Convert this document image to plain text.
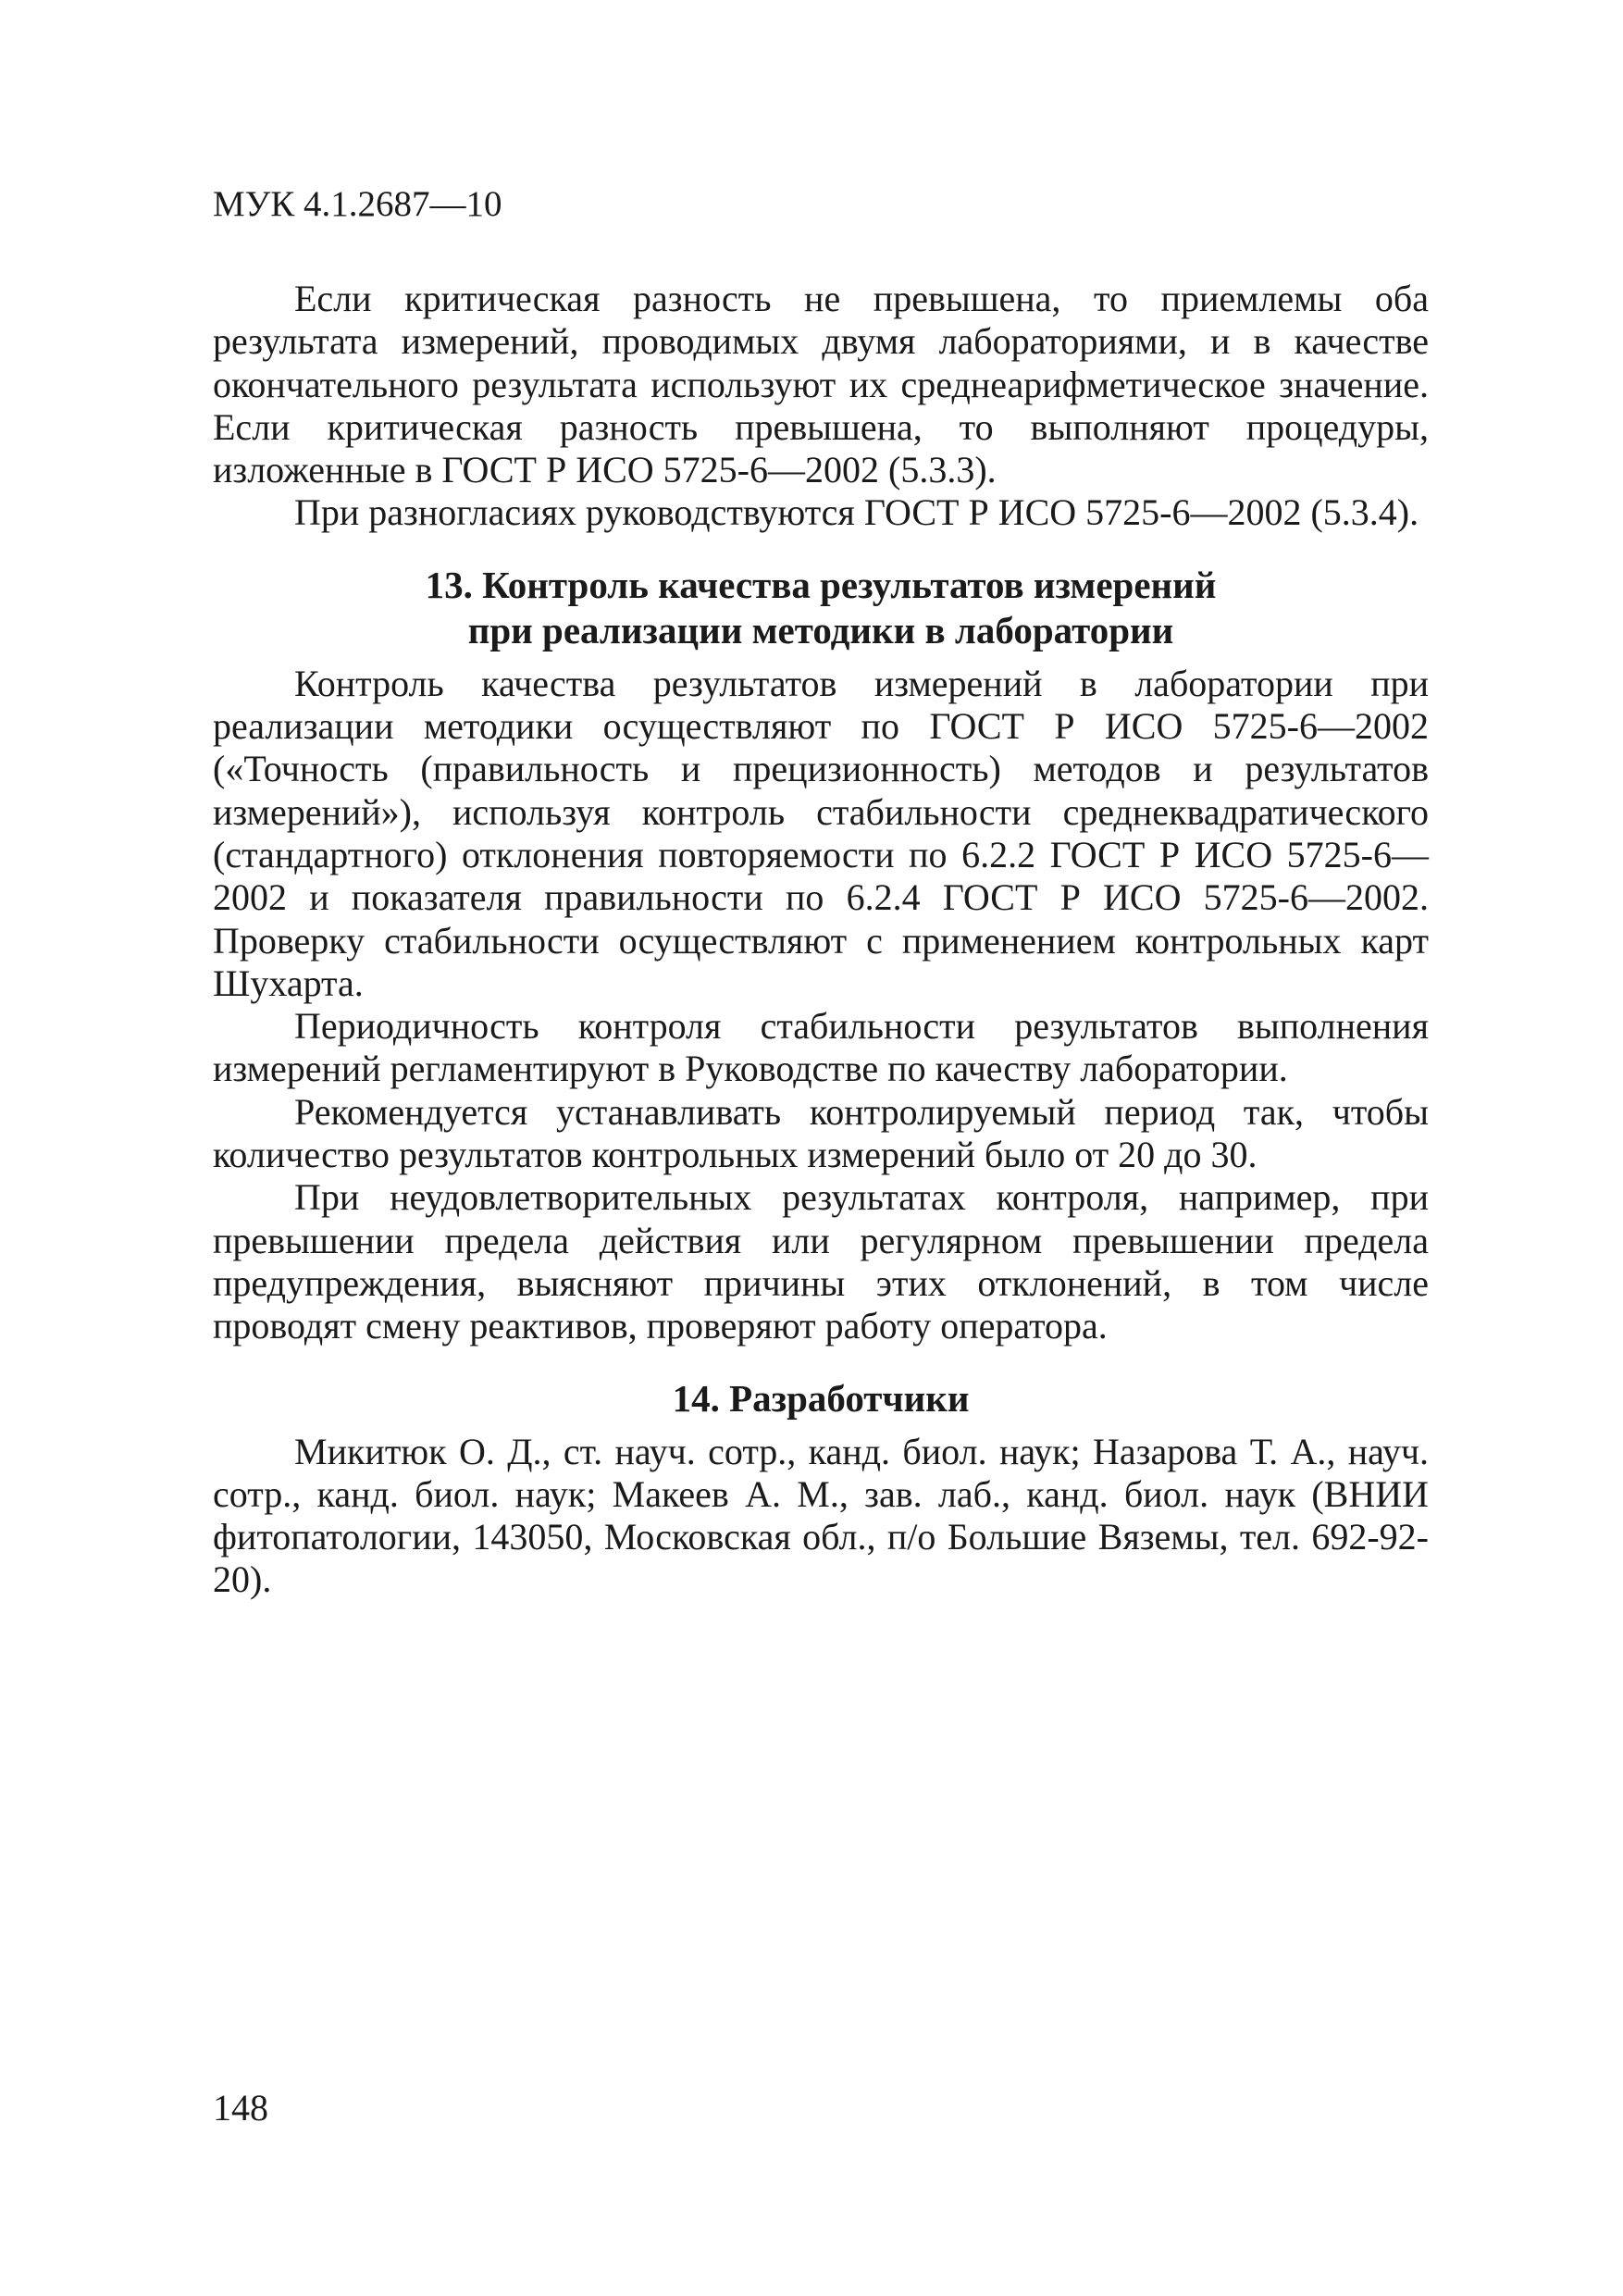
МУК 4.1.2687—10

Если критическая разность не превышена, то приемлемы оба результата измерений, проводимых двумя лабораториями, и в качестве окончательного результата используют их среднеарифметическое значение. Если критическая разность превышена, то выполняют процедуры, изложенные в ГОСТ Р ИСО 5725-6—2002 (5.3.3).

При разногласиях руководствуются ГОСТ Р ИСО 5725-6—2002 (5.3.4).

13. Контроль качества результатов измерений
при реализации методики в лаборатории

Контроль качества результатов измерений в лаборатории при реализации методики осуществляют по ГОСТ Р ИСО 5725-6—2002 («Точность (правильность и прецизионность) методов и результатов измерений»), используя контроль стабильности среднеквадратического (стандартного) отклонения повторяемости по 6.2.2 ГОСТ Р ИСО 5725-6—2002 и показателя правильности по 6.2.4 ГОСТ Р ИСО 5725-6—2002. Проверку стабильности осуществляют с применением контрольных карт Шухарта.

Периодичность контроля стабильности результатов выполнения измерений регламентируют в Руководстве по качеству лаборатории.

Рекомендуется устанавливать контролируемый период так, чтобы количество результатов контрольных измерений было от 20 до 30.

При неудовлетворительных результатах контроля, например, при превышении предела действия или регулярном превышении предела предупреждения, выясняют причины этих отклонений, в том числе проводят смену реактивов, проверяют работу оператора.

14. Разработчики

Микитюк О. Д., ст. науч. сотр., канд. биол. наук; Назарова Т. А., науч. сотр., канд. биол. наук; Макеев А. М., зав. лаб., канд. биол. наук (ВНИИ фитопатологии, 143050, Московская обл., п/о Большие Вяземы, тел. 692-92-20).

148
